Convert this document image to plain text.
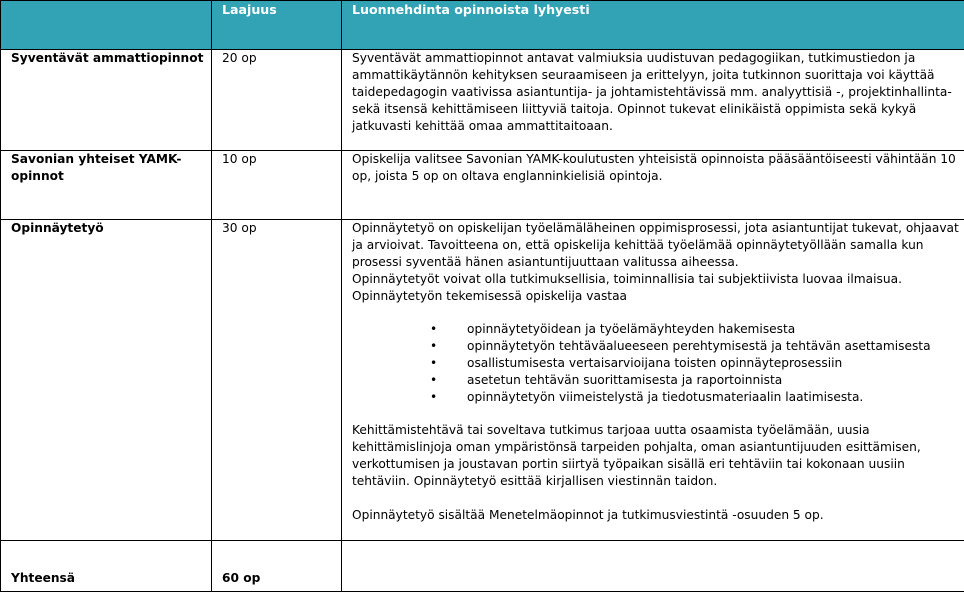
	Laajuus	Luonnehdinta opinnoista lyhyesti
Syventävät ammattiopinnot	20 op	Syventävät ammattiopinnot antavat valmiuksia uudistuvan pedagogiikan, tutkimustiedon ja ammattikäytännön kehityksen seuraamiseen ja erittelyyn, joita tutkinnon suorittaja voi käyttää taidepedagogin vaativissa asiantuntija- ja johtamistehtävissä mm. analyyttisiä -, projektinhallinta- sekä itsensä kehittämiseen liittyviä taitoja. Opinnot tukevat elinikäistä oppimista sekä kykyä jatkuvasti kehittää omaa ammattitaitoaan.
Savonian yhteiset YAMK-opinnot	10 op	Opiskelija valitsee Savonian YAMK-koulutusten yhteisistä opinnoista pääsääntöiseesti vähintään 10 op, joista 5 op on oltava englanninkielisiä opintoja.
Opinnäytetyö	30 op	Opinnäytetyö on opiskelijan työelämäläheinen oppimisprosessi, jota asiantuntijat tukevat, ohjaavat ja arvioivat. Tavoitteena on, että opiskelija kehittää työelämää opinnäytetyöllään samalla kun prosessi syventää hänen asiantuntijuuttaan valitussa aiheessa.

Opinnäytetyöt voivat olla tutkimuksellisia, toiminnallisia tai subjektiivista luovaa ilmaisua.

Opinnäytetyön tekemisessä opiskelija vastaa

• opinnäytetyöidean ja työelämäyhteyden hakemisesta
• opinnäytetyön tehtäväalueeseen perehtymisestä ja tehtävän asettamisesta
• osallistumisesta vertaisarvioijana toisten opinnäyteprosessiin
• asetetun tehtävän suorittamisesta ja raportoinnista
• opinnäytetyön viimeistelystä ja tiedotusmateriaalin laatimisesta.

Kehittämistehtävä tai soveltava tutkimus tarjoaa uutta osaamista työelämään, uusia kehittämislinjoja oman ympäristönsä tarpeiden pohjalta, oman asiantuntijuuden esittämisen, verkottumisen ja joustavan portin siirtyä työpaikan sisällä eri tehtäviin tai kokonaan uusiin tehtäviin. Opinnäytetyö esittää kirjallisen viestinnän taidon.

Opinnäytetyö sisältää Menetelmäopinnot ja tutkimusviestintä -osuuden 5 op.

Yhteensä	60 op	
